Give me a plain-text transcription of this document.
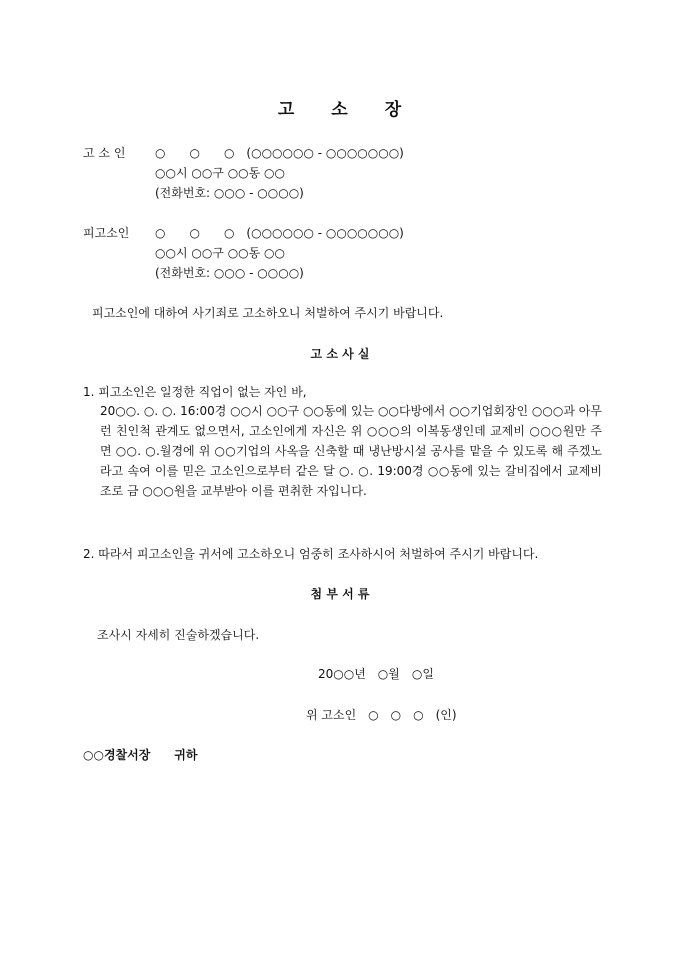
고　　소　　장
고 소 인 ○　　○　　○　(○○○○○○ - ○○○○○○○)
○○시 ○○구 ○○동 ○○
(전화번호: ○○○ - ○○○○)
피고소인 ○　　○　　○　(○○○○○○ - ○○○○○○○)
○○시 ○○구 ○○동 ○○
(전화번호: ○○○ - ○○○○)
피고소인에 대하여 사기죄로 고소하오니 처벌하여 주시기 바랍니다.
고 소 사 실
1. 피고소인은 일정한 직업이 없는 자인 바,
20○○. ○. ○. 16:00경 ○○시 ○○구 ○○동에 있는 ○○다방에서 ○○기업회장인 ○○○과 아무런 친인척 관계도 없으면서, 고소인에게 자신은 위 ○○○의 이복동생인데 교제비 ○○○원만 주면 ○○. ○.월경에 위 ○○기업의 사옥을 신축할 때 냉난방시설 공사를 맡을 수 있도록 해 주겠노라고 속여 이를 믿은 고소인으로부터 같은 달 ○. ○. 19:00경 ○○동에 있는 갈비집에서 교제비조로 금 ○○○원을 교부받아 이를 편취한 자입니다.
2. 따라서 피고소인을 귀서에 고소하오니 엄중히 조사하시어 처벌하여 주시기 바랍니다.
첨 부 서 류
조사시 자세히 진술하겠습니다.
20○○년　○월　○일
위 고소인　○　○　○　(인)
○○경찰서장　　귀하
